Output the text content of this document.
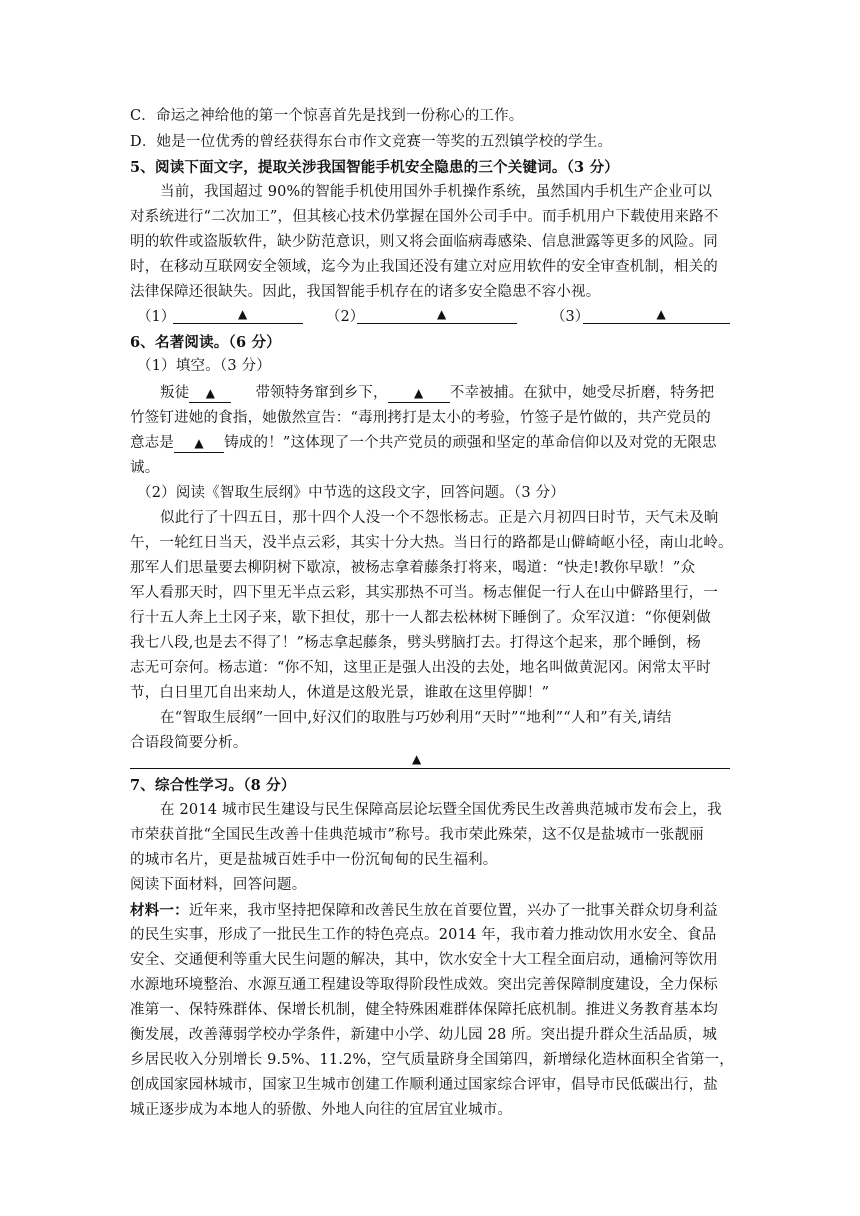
C．命运之神给他的第一个惊喜首先是找到一份称心的工作。
D．她是一位优秀的曾经获得东台市作文竞赛一等奖的五烈镇学校的学生。
5、阅读下面文字，提取关涉我国智能手机安全隐患的三个关键词。（3 分）
当前，我国超过 90%的智能手机使用国外手机操作系统，虽然国内手机生产企业可以
对系统进行“二次加工”，但其核心技术仍掌握在国外公司手中。而手机用户下载使用来路不
明的软件或盗版软件，缺少防范意识，则又将会面临病毒感染、信息泄露等更多的风险。同
时，在移动互联网安全领域，迄今为止我国还没有建立对应用软件的安全审查机制，相关的
法律保障还很缺失。因此，我国智能手机存在的诸多安全隐患不容小视。
（1）	▲	（2）	▲	（3）	▲
6、名著阅读。（6 分）
（1）填空。（3 分）
叛徒 ▲	带领特务窜到乡下， ▲ 不幸被捕。在狱中，她受尽折磨，特务把
竹签钉进她的食指，她傲然宣告：“毒刑拷打是太小的考验，竹签子是竹做的，共产党员的
意志是 ▲ 铸成的！”这体现了一个共产党员的顽强和坚定的革命信仰以及对党的无限忠
诚。
（2）阅读《智取生辰纲》中节选的这段文字，回答问题。（3 分）
似此行了十四五日，那十四个人没一个不怨怅杨志。正是六月初四日时节，天气未及晌
午，一轮红日当天，没半点云彩，其实十分大热。当日行的路都是山僻崎岖小径，南山北岭。
那军人们思量要去柳阴树下歇凉，被杨志拿着藤条打将来，喝道：“快走!教你早歇！”众
军人看那天时，四下里无半点云彩，其实那热不可当。杨志催促一行人在山中僻路里行，一
行十五人奔上土冈子来，歇下担仗，那十一人都去松林树下睡倒了。众军汉道：“你便剁做
我七八段,也是去不得了！”杨志拿起藤条，劈头劈脑打去。打得这个起来，那个睡倒，杨
志无可奈何。杨志道：“你不知，这里正是强人出没的去处，地名叫做黄泥冈。闲常太平时
节，白日里兀自出来劫人，休道是这般光景，谁敢在这里停脚！”
在“智取生辰纲”一回中,好汉们的取胜与巧妙利用“天时”“地利”“人和”有关,请结
合语段简要分析。
▲
7、综合性学习。（8 分）
在 2014 城市民生建设与民生保障高层论坛暨全国优秀民生改善典范城市发布会上，我
市荣获首批“全国民生改善十佳典范城市”称号。我市荣此殊荣，这不仅是盐城市一张靓丽
的城市名片，更是盐城百姓手中一份沉甸甸的民生福利。
阅读下面材料，回答问题。
材料一：近年来，我市坚持把保障和改善民生放在首要位置，兴办了一批事关群众切身利益
的民生实事，形成了一批民生工作的特色亮点。2014 年，我市着力推动饮用水安全、食品
安全、交通便利等重大民生问题的解决，其中，饮水安全十大工程全面启动，通榆河等饮用
水源地环境整治、水源互通工程建设等取得阶段性成效。突出完善保障制度建设，全力保标
准第一、保特殊群体、保增长机制，健全特殊困难群体保障托底机制。推进义务教育基本均
衡发展，改善薄弱学校办学条件，新建中小学、幼儿园 28 所。突出提升群众生活品质，城
乡居民收入分别增长 9.5%、11.2%，空气质量跻身全国第四，新增绿化造林面积全省第一，
创成国家园林城市，国家卫生城市创建工作顺利通过国家综合评审，倡导市民低碳出行，盐
城正逐步成为本地人的骄傲、外地人向往的宜居宜业城市。
